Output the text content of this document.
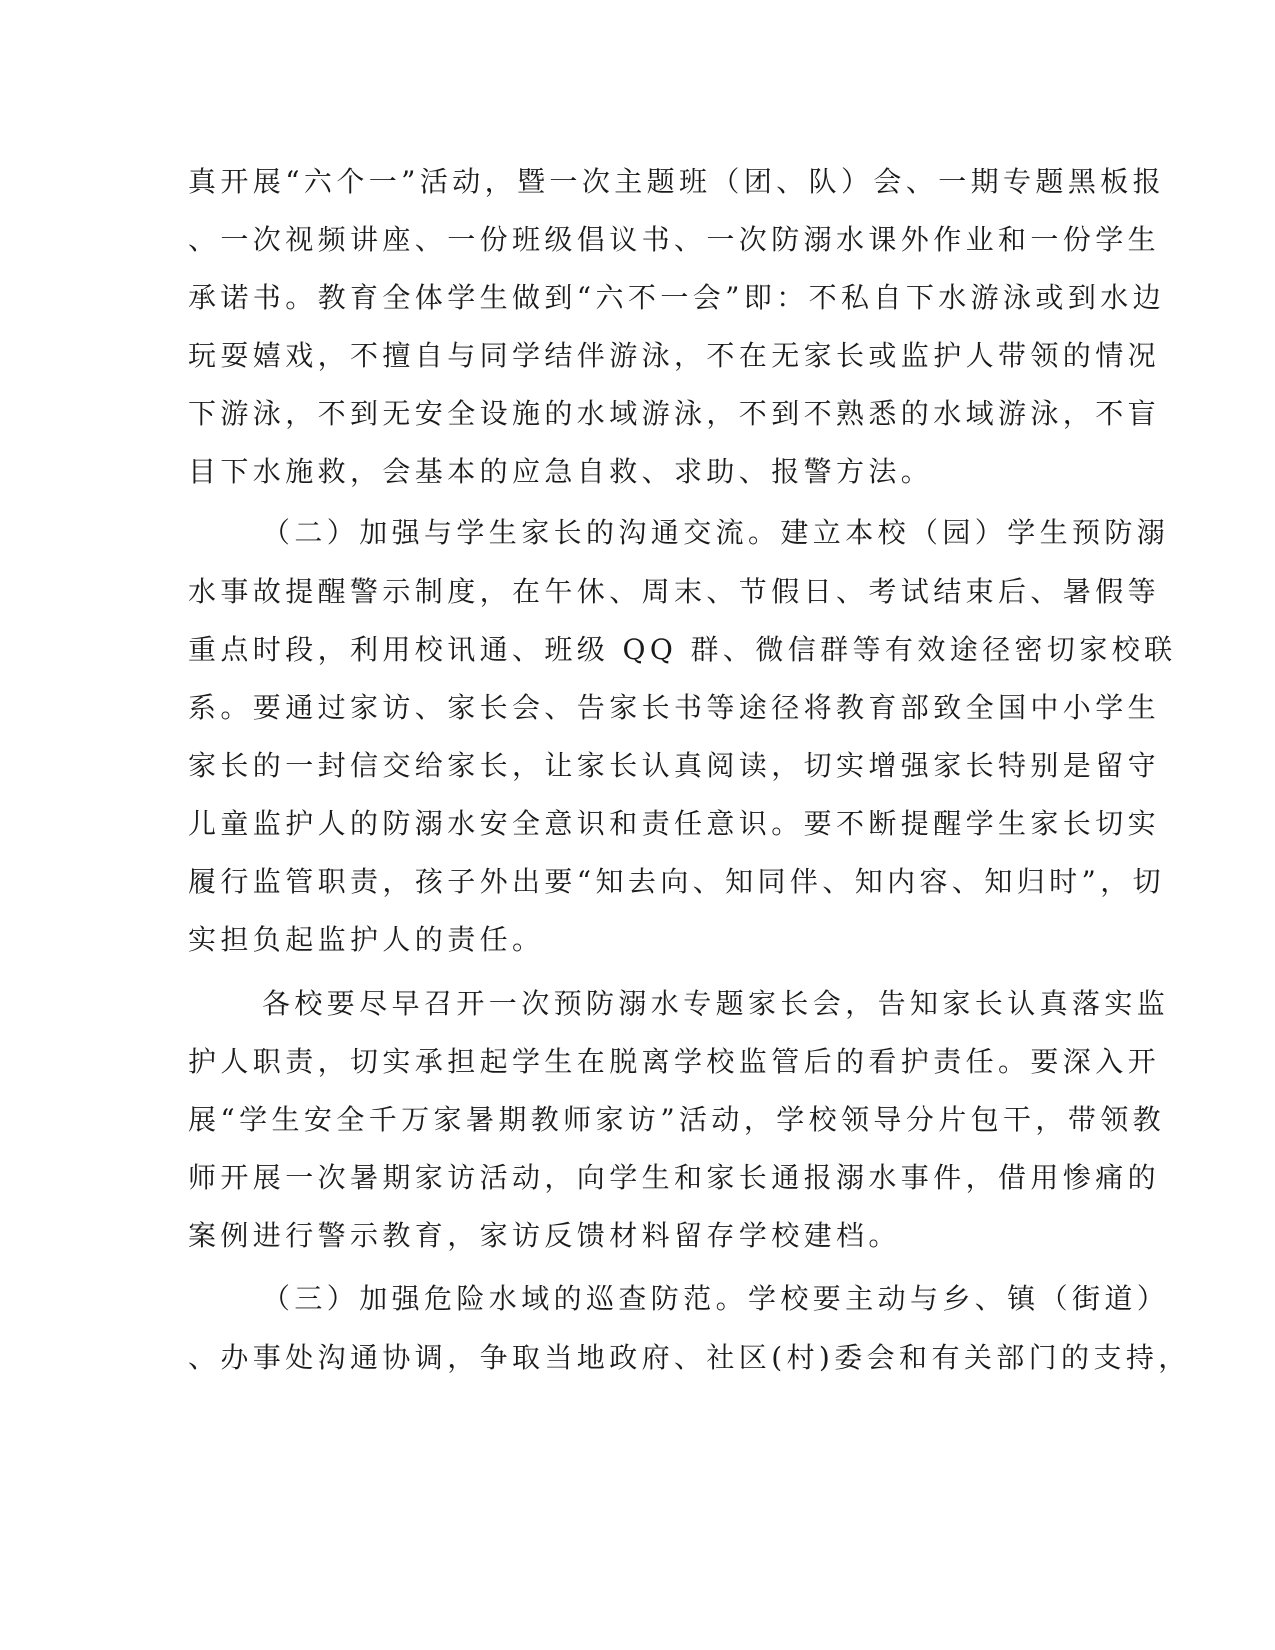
真开展“六个一”活动，暨一次主题班（团、队）会、一期专题黑板报

、一次视频讲座、一份班级倡议书、一次防溺水课外作业和一份学生

承诺书。教育全体学生做到“六不一会”即：不私自下水游泳或到水边

玩耍嬉戏，不擅自与同学结伴游泳，不在无家长或监护人带领的情况

下游泳，不到无安全设施的水域游泳，不到不熟悉的水域游泳，不盲

目下水施救，会基本的应急自救、求助、报警方法。

（二）加强与学生家长的沟通交流。建立本校（园）学生预防溺

水事故提醒警示制度，在午休、周末、节假日、考试结束后、暑假等

重点时段，利用校讯通、班级 QQ 群、微信群等有效途径密切家校联

系。要通过家访、家长会、告家长书等途径将教育部致全国中小学生

家长的一封信交给家长，让家长认真阅读，切实增强家长特别是留守

儿童监护人的防溺水安全意识和责任意识。要不断提醒学生家长切实

履行监管职责，孩子外出要“知去向、知同伴、知内容、知归时”，切

实担负起监护人的责任。

各校要尽早召开一次预防溺水专题家长会，告知家长认真落实监

护人职责，切实承担起学生在脱离学校监管后的看护责任。要深入开

展“学生安全千万家暑期教师家访”活动，学校领导分片包干，带领教

师开展一次暑期家访活动，向学生和家长通报溺水事件，借用惨痛的

案例进行警示教育，家访反馈材料留存学校建档。

（三）加强危险水域的巡查防范。学校要主动与乡、镇（街道）

、办事处沟通协调，争取当地政府、社区(村)委会和有关部门的支持，
